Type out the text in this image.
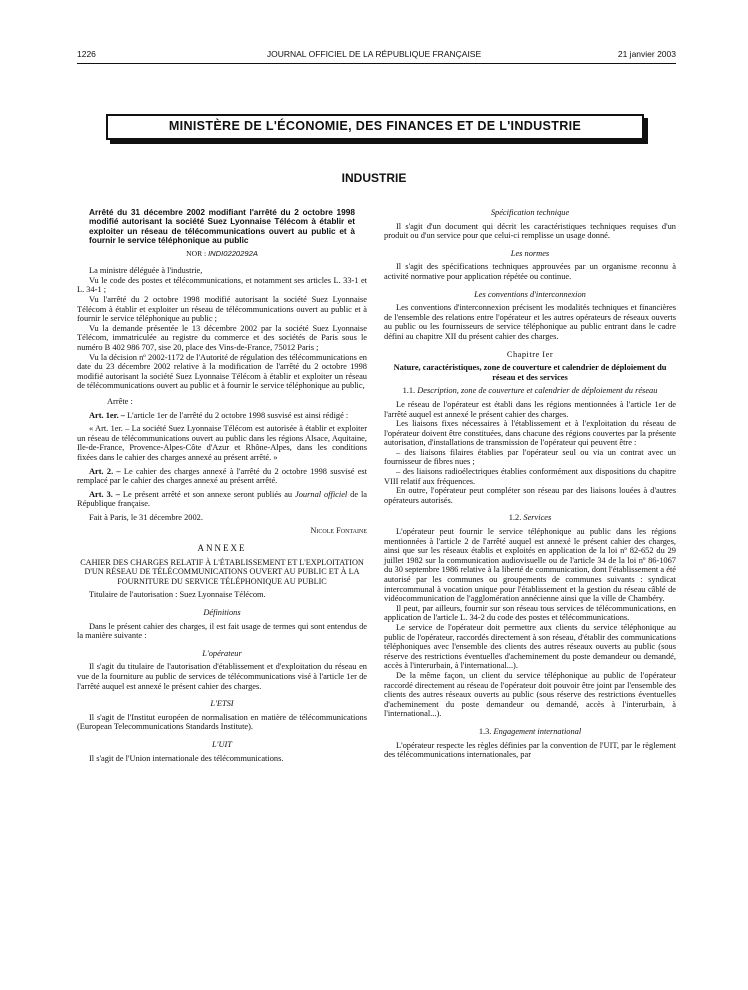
1226	JOURNAL OFFICIEL DE LA RÉPUBLIQUE FRANÇAISE	21 janvier 2003
MINISTÈRE DE L'ÉCONOMIE, DES FINANCES ET DE L'INDUSTRIE
INDUSTRIE

Arrêté du 31 décembre 2002 modifiant l'arrêté du 2 octobre 1998 modifié autorisant la société Suez Lyonnaise Télécom à établir et exploiter un réseau de télécommunications ouvert au public et à fournir le service téléphonique au public

NOR : INDI0220292A

La ministre déléguée à l'industrie,

Vu le code des postes et télécommunications, et notamment ses articles L. 33-1 et L. 34-1 ;

Vu l'arrêté du 2 octobre 1998 modifié autorisant la société Suez Lyonnaise Télécom à établir et exploiter un réseau de télécommunications ouvert au public et à fournir le service téléphonique au public ;

Vu la demande présentée le 13 décembre 2002 par la société Suez Lyonnaise Télécom, immatriculée au registre du commerce et des sociétés de Paris sous le numéro B 402 986 707, sise 20, place des Vins-de-France, 75012 Paris ;

Vu la décision nº 2002-1172 de l'Autorité de régulation des télécommunications en date du 23 décembre 2002 relative à la modification de l'arrêté du 2 octobre 1998 modifié autorisant la société Suez Lyonnaise Télécom à établir et exploiter un réseau de télécommunications ouvert au public et à fournir le service téléphonique au public,

Arrête :

Art. 1er. – L'article 1er de l'arrêté du 2 octobre 1998 susvisé est ainsi rédigé :

« Art. 1er. – La société Suez Lyonnaise Télécom est autorisée à établir et exploiter un réseau de télécommunications ouvert au public dans les régions Alsace, Aquitaine, Ile-de-France, Provence-Alpes-Côte d'Azur et Rhône-Alpes, dans les conditions fixées dans le cahier des charges annexé au présent arrêté. »

Art. 2. – Le cahier des charges annexé à l'arrêté du 2 octobre 1998 susvisé est remplacé par le cahier des charges annexé au présent arrêté.

Art. 3. – Le présent arrêté et son annexe seront publiés au Journal officiel de la République française.

Fait à Paris, le 31 décembre 2002.

Nicole Fontaine

ANNEXE

CAHIER DES CHARGES RELATIF À L'ÉTABLISSEMENT ET L'EXPLOITATION D'UN RÉSEAU DE TÉLÉCOMMUNICATIONS OUVERT AU PUBLIC ET À LA FOURNITURE DU SERVICE TÉLÉPHONIQUE AU PUBLIC

Titulaire de l'autorisation : Suez Lyonnaise Télécom.

Définitions

Dans le présent cahier des charges, il est fait usage de termes qui sont entendus de la manière suivante :

L'opérateur

Il s'agit du titulaire de l'autorisation d'établissement et d'exploitation du réseau en vue de la fourniture au public de services de télécommunications visé à l'article 1er de l'arrêté auquel est annexé le présent cahier des charges.

L'ETSI

Il s'agit de l'Institut européen de normalisation en matière de télécommunications (European Telecommunications Standards Institute).

L'UIT

Il s'agit de l'Union internationale des télécommunications.

Spécification technique

Il s'agit d'un document qui décrit les caractéristiques techniques requises d'un produit ou d'un service pour que celui-ci remplisse un usage donné.

Les normes

Il s'agit des spécifications techniques approuvées par un organisme reconnu à activité normative pour application répétée ou continue.

Les conventions d'interconnexion

Les conventions d'interconnexion précisent les modalités techniques et financières de l'ensemble des relations entre l'opérateur et les autres opérateurs de réseaux ouverts au public ou les fournisseurs de service téléphonique au public entrant dans le cadre défini au chapitre XII du présent cahier des charges.

Chapitre Ier

Nature, caractéristiques, zone de couverture et calendrier de déploiement du réseau et des services

1.1. Description, zone de couverture et calendrier de déploiement du réseau

Le réseau de l'opérateur est établi dans les régions mentionnées à l'article 1er de l'arrêté auquel est annexé le présent cahier des charges.

Les liaisons fixes nécessaires à l'établissement et à l'exploitation du réseau de l'opérateur doivent être constituées, dans chacune des régions couvertes par la présente autorisation, d'installations de transmission de l'opérateur qui peuvent être :

– des liaisons filaires établies par l'opérateur seul ou via un contrat avec un fournisseur de fibres nues ;

– des liaisons radioélectriques établies conformément aux dispositions du chapitre VIII relatif aux fréquences.

En outre, l'opérateur peut compléter son réseau par des liaisons louées à d'autres opérateurs autorisés.

1.2. Services

L'opérateur peut fournir le service téléphonique au public dans les régions mentionnées à l'article 2 de l'arrêté auquel est annexé le présent cahier des charges, ainsi que sur les réseaux établis et exploités en application de la loi nº 82-652 du 29 juillet 1982 sur la communication audiovisuelle ou de l'article 34 de la loi nº 86-1067 du 30 septembre 1986 relative à la liberté de communication, dont l'établissement a été autorisé par les communes ou groupements de communes suivants : syndicat intercommunal à vocation unique pour l'établissement et la gestion du réseau câblé de vidéocommunication de l'agglomération annécienne ainsi que la ville de Chambéry.

Il peut, par ailleurs, fournir sur son réseau tous services de télécommunications, en application de l'article L. 34-2 du code des postes et télécommunications.

Le service de l'opérateur doit permettre aux clients du service téléphonique au public de l'opérateur, raccordés directement à son réseau, d'établir des communications téléphoniques avec l'ensemble des clients des autres réseaux ouverts au public (sous réserve des restrictions éventuelles d'acheminement du poste demandeur ou demandé, accès à l'interurbain, à l'international...).

De la même façon, un client du service téléphonique au public de l'opérateur raccordé directement au réseau de l'opérateur doit pouvoir être joint par l'ensemble des clients des autres réseaux ouverts au public (sous réserve des restrictions éventuelles d'acheminement du poste demandeur ou demandé, accès à l'interurbain, à l'international...).

1.3. Engagement international

L'opérateur respecte les règles définies par la convention de l'UIT, par le règlement des télécommunications internationales, par
